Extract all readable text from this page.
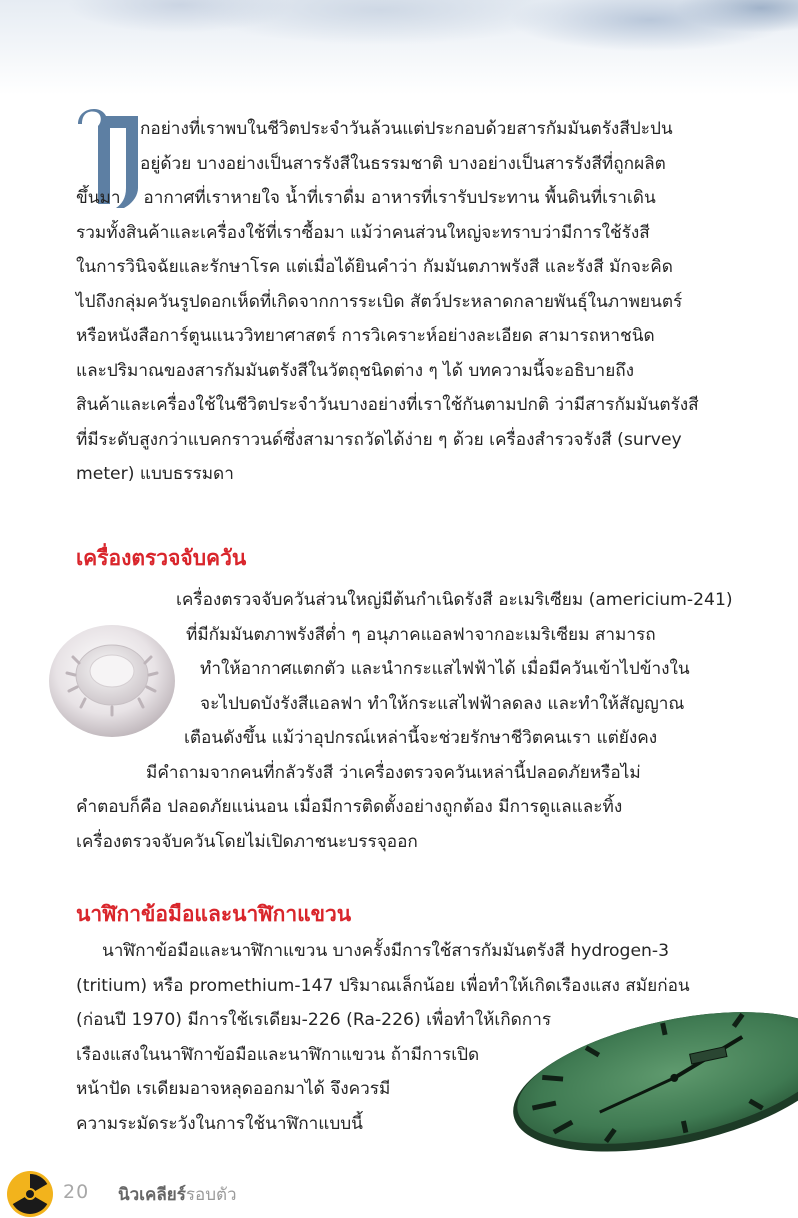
กอย่างที่เราพบในชีวิตประจำวันล้วนแต่ประกอบด้วยสารกัมมันตรังสีปะปน
อยู่ด้วย บางอย่างเป็นสารรังสีในธรรมชาติ บางอย่างเป็นสารรังสีที่ถูกผลิต
ขึ้นมา อากาศที่เราหายใจ น้ำที่เราดื่ม อาหารที่เรารับประทาน พื้นดินที่เราเดิน
รวมทั้งสินค้าและเครื่องใช้ที่เราซื้อมา แม้ว่าคนส่วนใหญ่จะทราบว่ามีการใช้รังสี
ในการวินิจฉัยและรักษาโรค แต่เมื่อได้ยินคำว่า กัมมันตภาพรังสี และรังสี มักจะคิด
ไปถึงกลุ่มควันรูปดอกเห็ดที่เกิดจากการระเบิด สัตว์ประหลาดกลายพันธุ์ในภาพยนตร์
หรือหนังสือการ์ตูนแนววิทยาศาสตร์ การวิเคราะห์อย่างละเอียด สามารถหาชนิด
และปริมาณของสารกัมมันตรังสีในวัตถุชนิดต่าง ๆ ได้ บทความนี้จะอธิบายถึง
สินค้าและเครื่องใช้ในชีวิตประจำวันบางอย่างที่เราใช้กันตามปกติ ว่ามีสารกัมมันตรังสี
ที่มีระดับสูงกว่าแบคกราวนด์ซึ่งสามารถวัดได้ง่าย ๆ ด้วย เครื่องสำรวจรังสี (survey
meter) แบบธรรมดา
เครื่องตรวจจับควัน
เครื่องตรวจจับควันส่วนใหญ่มีต้นกำเนิดรังสี อะเมริเซียม (americium-241)
ที่มีกัมมันตภาพรังสีต่ำ ๆ อนุภาคแอลฟาจากอะเมริเซียม สามารถ
ทำให้อากาศแตกตัว และนำกระแสไฟฟ้าได้ เมื่อมีควันเข้าไปข้างใน
จะไปบดบังรังสีแอลฟา ทำให้กระแสไฟฟ้าลดลง และทำให้สัญญาณ
เตือนดังขึ้น แม้ว่าอุปกรณ์เหล่านี้จะช่วยรักษาชีวิตคนเรา แต่ยังคง
มีคำถามจากคนที่กลัวรังสี ว่าเครื่องตรวจควันเหล่านี้ปลอดภัยหรือไม่
คำตอบก็คือ ปลอดภัยแน่นอน เมื่อมีการติดตั้งอย่างถูกต้อง มีการดูแลและทิ้ง
เครื่องตรวจจับควันโดยไม่เปิดภาชนะบรรจุออก
นาฬิกาข้อมือและนาฬิกาแขวน
นาฬิกาข้อมือและนาฬิกาแขวน บางครั้งมีการใช้สารกัมมันตรังสี hydrogen-3
(tritium) หรือ promethium-147 ปริมาณเล็กน้อย เพื่อทำให้เกิดเรืองแสง สมัยก่อน
(ก่อนปี 1970) มีการใช้เรเดียม-226 (Ra-226) เพื่อทำให้เกิดการ
เรืองแสงในนาฬิกาข้อมือและนาฬิกาแขวน ถ้ามีการเปิด
หน้าปัด เรเดียมอาจหลุดออกมาได้ จึงควรมี
ความระมัดระวังในการใช้นาฬิกาแบบนี้
20 นิวเคลียร์รอบตัว
